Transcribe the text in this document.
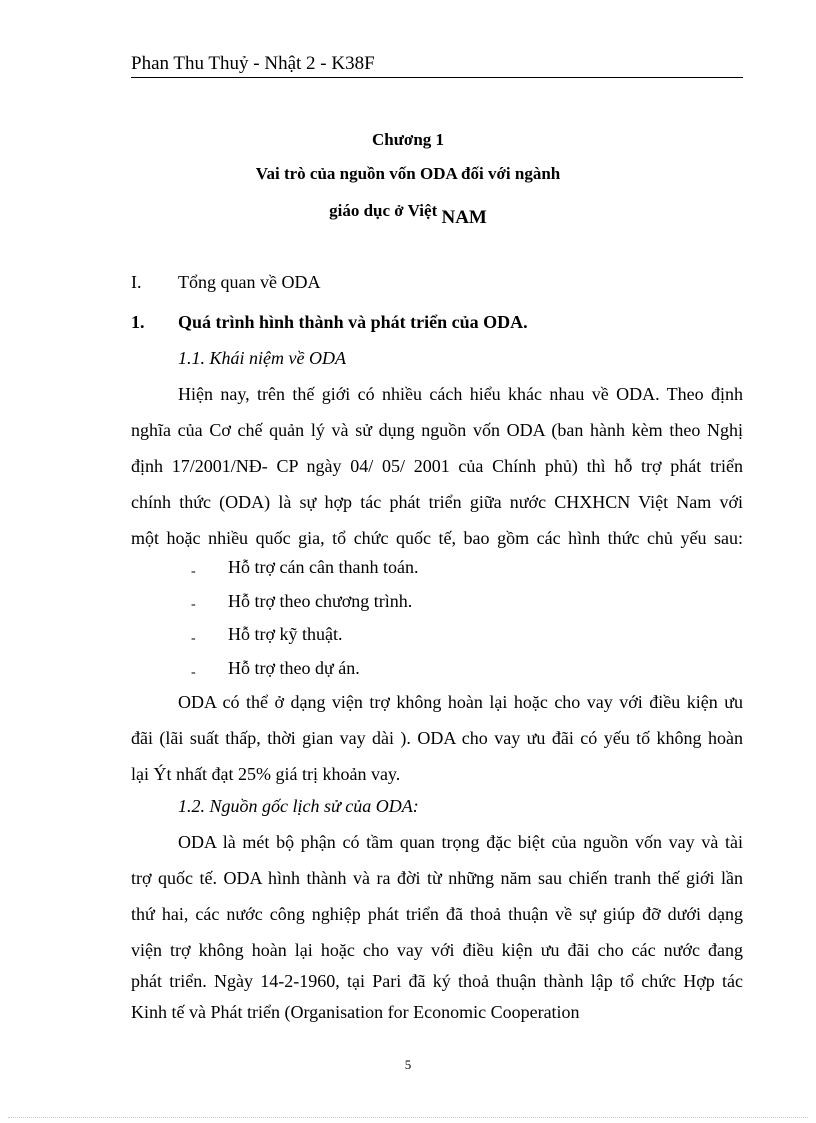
Phan Thu Thuỷ - Nhật 2 - K38F
Chương 1
Vai trò của nguồn vốn ODA đối với ngành
giáo dục ở Việt NAM
I. Tổng quan về ODA
1. Quá trình hình thành và phát triển của ODA.
1.1. Khái niệm về ODA
Hiện nay, trên thế giới có nhiều cách hiểu khác nhau về ODA. Theo định
nghĩa của Cơ chế quản lý và sử dụng nguồn vốn ODA (ban hành kèm theo Nghị
định 17/2001/NĐ- CP ngày 04/ 05/ 2001 của Chính phủ) thì hỗ trợ phát triển
chính thức (ODA) là sự hợp tác phát triển giữa nước CHXHCN Việt Nam với
một hoặc nhiều quốc gia, tổ chức quốc tế, bao gồm các hình thức chủ yếu sau:
- Hỗ trợ cán cân thanh toán.
- Hỗ trợ theo chương trình.
- Hỗ trợ kỹ thuật.
- Hỗ trợ theo dự án.
ODA có thể ở dạng viện trợ không hoàn lại hoặc cho vay với điều kiện ưu
đãi (lãi suất thấp, thời gian vay dài ). ODA cho vay ưu đãi có yếu tố không hoàn
lại Ýt nhất đạt 25% giá trị khoản vay.
1.2. Nguồn gốc lịch sử của ODA:
ODA là mét bộ phận có tầm quan trọng đặc biệt của nguồn vốn vay và tài
trợ quốc tế. ODA hình thành và ra đời từ những năm sau chiến tranh thế giới lần
thứ hai, các nước công nghiệp phát triển đã thoả thuận về sự giúp đỡ dưới dạng
viện trợ không hoàn lại hoặc cho vay với điều kiện ưu đãi cho các nước đang
phát triển. Ngày 14-2-1960, tại Pari đã ký thoả thuận thành lập tổ chức Hợp tác
Kinh tế và Phát triển (Organisation for Economic Cooperation
5
